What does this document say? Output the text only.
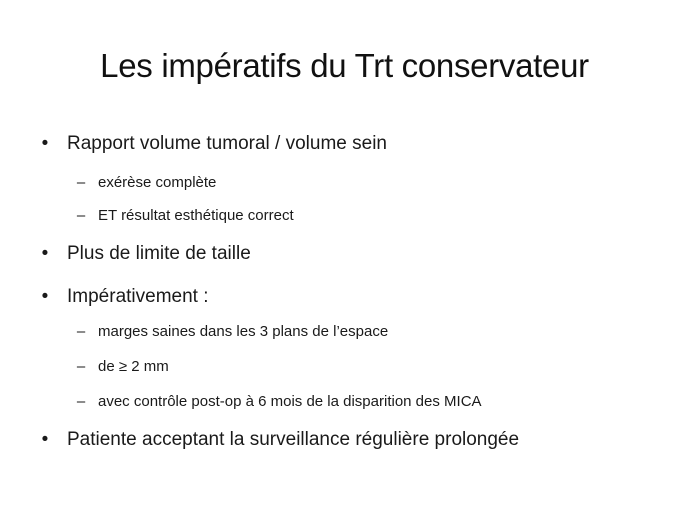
Les impératifs du Trt conservateur
• Rapport volume tumoral / volume sein
– exérèse complète
– ET résultat esthétique correct
• Plus de limite de taille
• Impérativement :
– marges saines dans les 3 plans de l’espace
– de ≥ 2 mm
– avec contrôle post-op à 6 mois de la disparition des MICA
• Patiente acceptant la surveillance régulière prolongée
